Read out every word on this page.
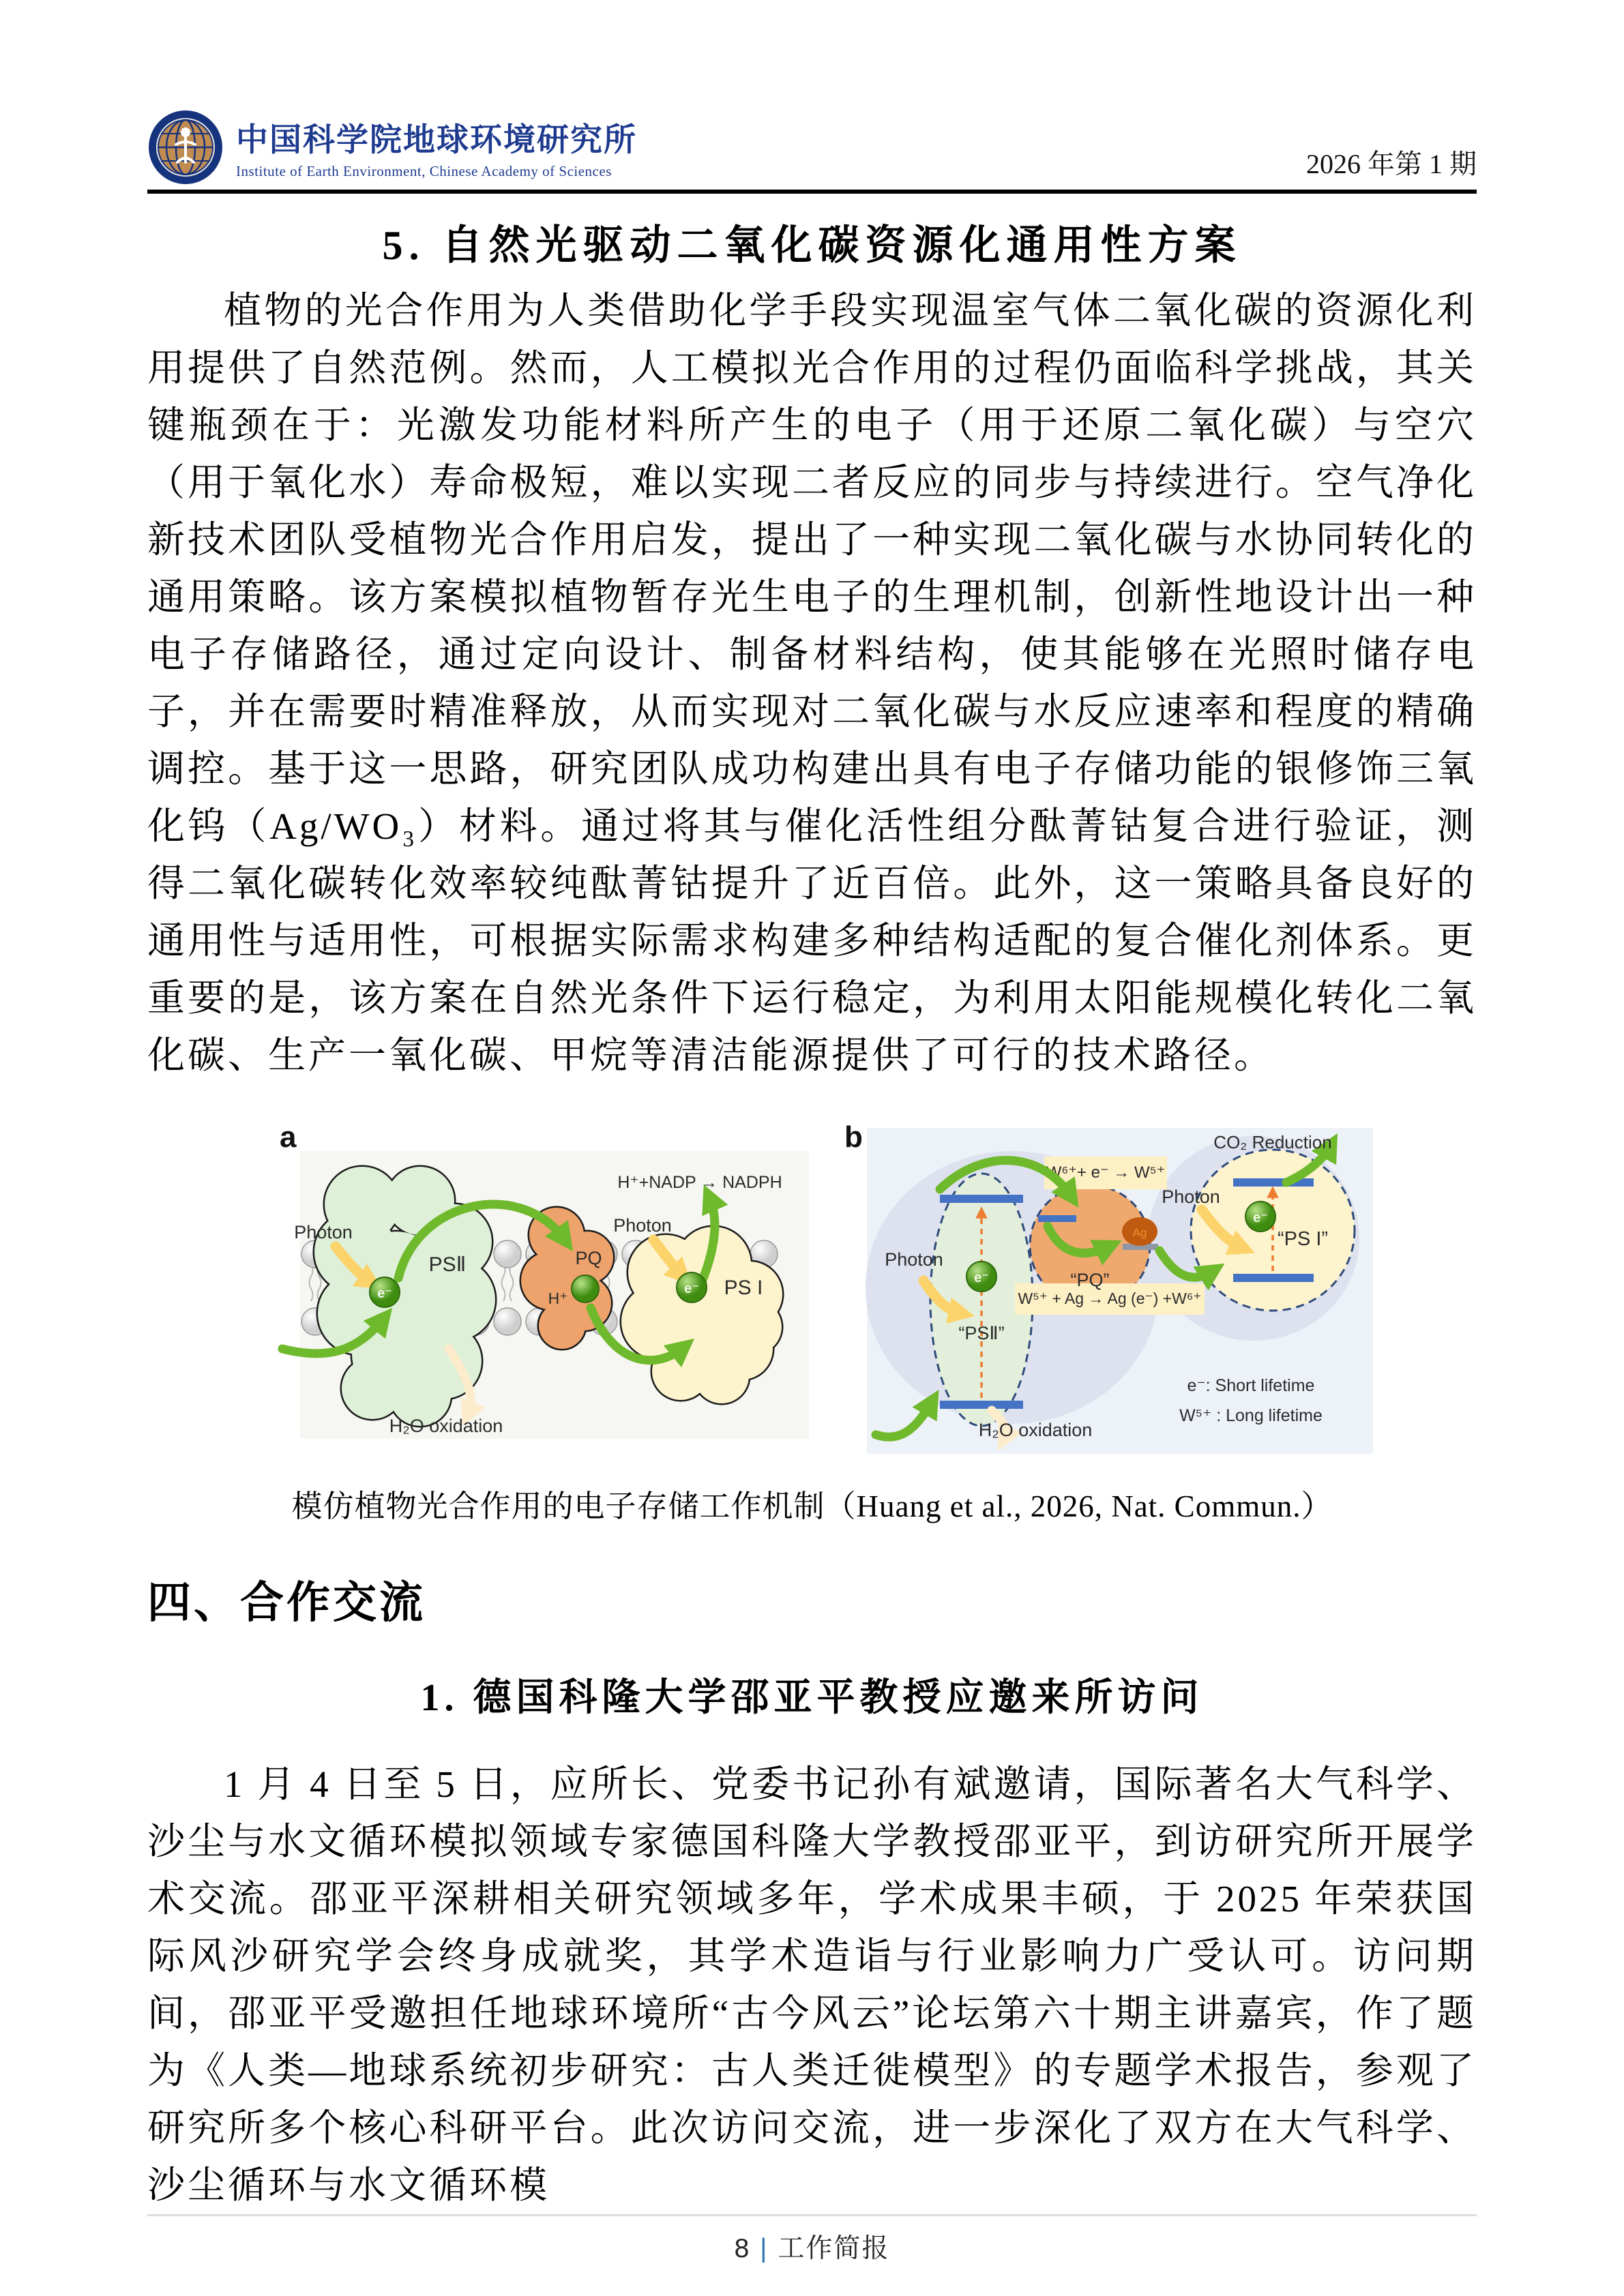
中国科学院地球环境研究所
Institute of Earth Environment, Chinese Academy of Sciences	2026 年第 1 期
5. 自然光驱动二氧化碳资源化通用性方案

植物的光合作用为人类借助化学手段实现温室气体二氧化碳的资源化利用提供了自然范例。然而，人工模拟光合作用的过程仍面临科学挑战，其关键瓶颈在于：光激发功能材料所产生的电子（用于还原二氧化碳）与空穴（用于氧化水）寿命极短，难以实现二者反应的同步与持续进行。空气净化新技术团队受植物光合作用启发，提出了一种实现二氧化碳与水协同转化的通用策略。该方案模拟植物暂存光生电子的生理机制，创新性地设计出一种电子存储路径，通过定向设计、制备材料结构，使其能够在光照时储存电子，并在需要时精准释放，从而实现对二氧化碳与水反应速率和程度的精确调控。基于这一思路，研究团队成功构建出具有电子存储功能的银修饰三氧化钨（Ag/WO₃）材料。通过将其与催化活性组分酞菁钴复合进行验证，测得二氧化碳转化效率较纯酞菁钴提升了近百倍。此外，这一策略具备良好的通用性与适用性，可根据实际需求构建多种结构适配的复合催化剂体系。更重要的是，该方案在自然光条件下运行稳定，为利用太阳能规模化转化二氧化碳、生产一氧化碳、甲烷等清洁能源提供了可行的技术路径。

a
e⁻	e⁻
Photon
PSⅡ	PQ
H⁺
Photon
PS I
H⁺+NADP → NADPH
H₂O oxidation
b
Ag
W⁶⁺+ e⁻ → W⁵⁺
W⁵⁺ + Ag → Ag (e⁻) +W⁶⁺
e⁻
e⁻
CO₂ Reduction
Photon
Photon
“PSⅡ”
“PQ”
“PS I”
H₂O oxidation
e⁻: Short lifetime
W⁵⁺ : Long lifetime
模仿植物光合作用的电子存储工作机制（Huang et al., 2026, Nat. Commun.）
四、合作交流
1. 德国科隆大学邵亚平教授应邀来所访问

1 月 4 日至 5 日，应所长、党委书记孙有斌邀请，国际著名大气科学、沙尘与水文循环模拟领域专家德国科隆大学教授邵亚平，到访研究所开展学术交流。邵亚平深耕相关研究领域多年，学术成果丰硕，于 2025 年荣获国际风沙研究学会终身成就奖，其学术造诣与行业影响力广受认可。访问期间，邵亚平受邀担任地球环境所“古今风云”论坛第六十期主讲嘉宾，作了题为《人类—地球系统初步研究：古人类迁徙模型》的专题学术报告，参观了研究所多个核心科研平台。此次访问交流，进一步深化了双方在大气科学、沙尘循环与水文循环模

8 | 工作简报
